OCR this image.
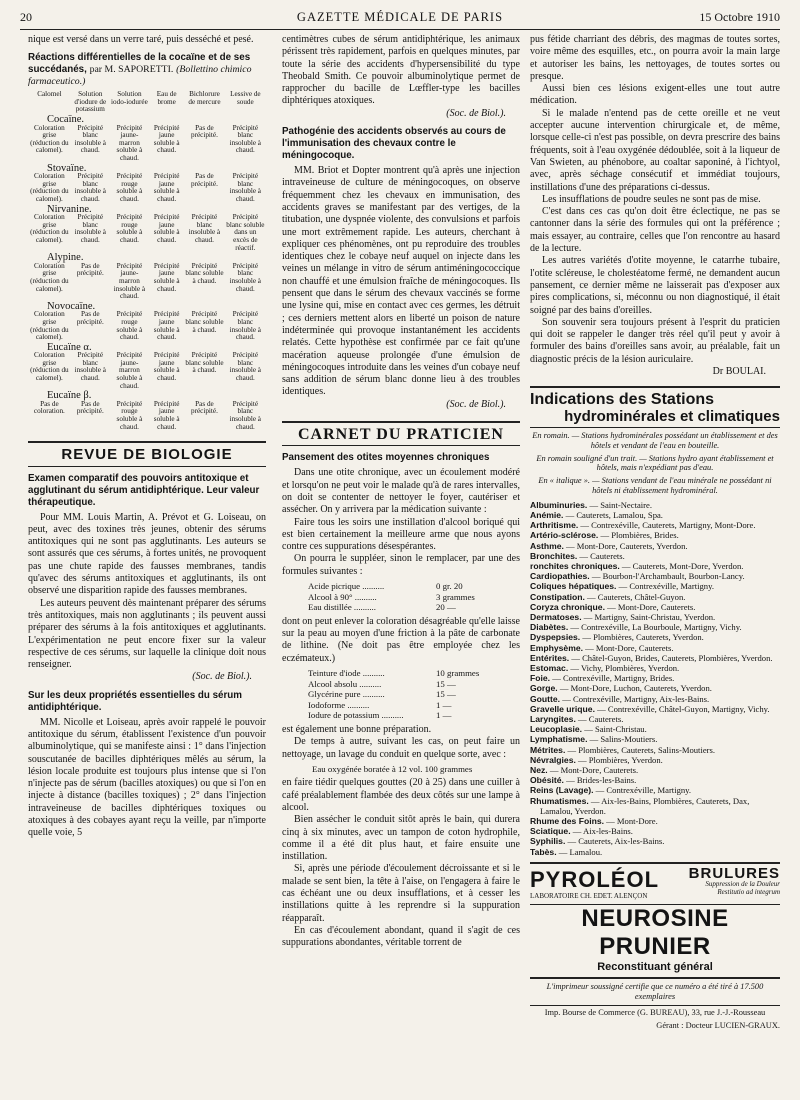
20	GAZETTE MÉDICALE DE PARIS	15 Octobre 1910

nique est versé dans un verre taré, puis desséché et pesé.

Réactions différentielles de la cocaïne et de ses succédanés, par M. SAPORETTI. (Bollettino chimico farmaceutico.)
Calomel	Solution d'iodure de potassium	Solution iodo-iodurée	Eau de brome	Bichlorure de mercure	Lessive de soude

Cocaïne.					

Coloration grise (réduction du calomel).	Précipité blanc insoluble à chaud.	Précipité jaune-marron soluble à chaud.	Précipité jaune soluble à chaud.	Pas de précipité.	Précipité blanc insoluble à chaud.

Stovaïne.					

Coloration grise (réduction du calomel).	Précipité blanc insoluble à chaud.	Précipité rouge soluble à chaud.	Précipité jaune soluble à chaud.	Pas de précipité.	Précipité blanc insoluble à chaud.

Nirvanine.					

Coloration grise (réduction du calomel).	Précipité blanc insoluble à chaud.	Précipité rouge soluble à chaud.	Précipité jaune soluble à chaud.	Précipité blanc insoluble à chaud.	Précipité blanc soluble dans un excès de réactif.

Alypine.					

Coloration grise (réduction du calomel).	Pas de précipité.	Précipité jaune-marron insoluble à chaud.	Précipité jaune soluble à chaud.	Précipité blanc soluble à chaud.	Précipité blanc insoluble à chaud.

Novocaïne.					

Coloration grise (réduction du calomel).	Pas de précipité.	Précipité rouge soluble à chaud.	Précipité jaune soluble à chaud.	Précipité blanc soluble à chaud.	Précipité blanc insoluble à chaud.

Eucaïne α.					

Coloration grise (réduction du calomel).	Précipité blanc insoluble à chaud.	Précipité jaune-marron soluble à chaud.	Précipité jaune soluble à chaud.	Précipité blanc soluble à chaud.	Précipité blanc insoluble à chaud.

Eucaïne β.					

Pas de coloration.	Pas de précipité.	Précipité rouge soluble à chaud.	Précipité jaune soluble à chaud.	Pas de précipité.	Précipité blanc insoluble à chaud.
REVUE DE BIOLOGIE
Examen comparatif des pouvoirs antitoxique et agglutinant du sérum antidiphtérique. Leur valeur thérapeutique.

Pour MM. Louis Martin, A. Prévot et G. Loiseau, on peut, avec des toxines très jeunes, obtenir des sérums antitoxiques qui ne sont pas agglutinants. Les auteurs se sont assurés que ces sérums, à fortes unités, ne provoquent pas une chute rapide des fausses membranes, tandis qu'avec des sérums antitoxiques et agglutinants, ils ont observé une disparition rapide des fausses membranes.

Les auteurs peuvent dès maintenant préparer des sérums très antitoxiques, mais non agglutinants ; ils peuvent aussi préparer des sérums à la fois antitoxiques et agglutinants. L'expérimentation ne peut encore fixer sur la valeur respective de ces sérums, sur laquelle la clinique doit nous renseigner.

(Soc. de Biol.).
Sur les deux propriétés essentielles du sérum antidiphtérique.

MM. Nicolle et Loiseau, après avoir rappelé le pouvoir antitoxique du sérum, établissent l'existence d'un pouvoir albuminolytique, qui se manifeste ainsi : 1° dans l'injection souscutanée de bacilles diphtériques mêlés au sérum, la lésion locale produite est toujours plus intense que si l'on n'injecte pas de sérum (bacilles atoxiques) ou que si l'on en injecte à distance (bacilles toxiques) ; 2° dans l'injection intraveineuse de bacilles diphtériques toxiques ou atoxiques à des cobayes ayant reçu la veille, par n'importe quelle voie, 5

centimètres cubes de sérum antidiphtérique, les animaux périssent très rapidement, parfois en quelques minutes, par toute la série des accidents d'hypersensibilité du type Theobald Smith. Ce pouvoir albuminolytique permet de rapprocher du bacille de Lœffler-type les bacilles diphtériques atoxiques.

(Soc. de Biol.).
Pathogénie des accidents observés au cours de l'immunisation des chevaux contre le méningocoque.

MM. Briot et Dopter montrent qu'à après une injection intraveineuse de culture de méningocoques, on observe fréquemment chez les chevaux en immunisation, des accidents graves se manifestant par des vertiges, de la titubation, une dyspnée violente, des convulsions et parfois une mort extrêmement rapide. Les auteurs, cherchant à expliquer ces phénomènes, ont pu reproduire des troubles identiques chez le cobaye neuf auquel on injecte dans les veines un mélange in vitro de sérum antiméningococcique non chauffé et une émulsion fraîche de méningocoques. Ils pensent que dans le sérum des chevaux vaccinés se forme une lysine qui, mise en contact avec ces germes, les détruit ; ces derniers mettent alors en liberté un poison de nature indéterminée qui provoque instantanément les accidents relatés. Cette hypothèse est confirmée par ce fait qu'une macération aqueuse prolongée d'une émulsion de méningocoques introduite dans les veines d'un cobaye neuf sans addition de sérum blanc donne lieu à des troubles identiques.

(Soc. de Biol.).
CARNET DU PRATICIEN
Pansement des otites moyennes chroniques

Dans une otite chronique, avec un écoulement modéré et lorsqu'on ne peut voir le malade qu'à de rares intervalles, on doit se contenter de nettoyer le foyer, cautériser et assécher. On y arrivera par la médication suivante :

Faire tous les soirs une instillation d'alcool boriqué qui est bien certainement la meilleure arme que nous ayons contre ces suppurations désespérantes.

On pourra le suppléer, sinon le remplacer, par une des formules suivantes :

Acide picrique ..........	0 gr. 20
Alcool à 90° ..........	3 grammes
Eau distillée ..........	20 —

dont on peut enlever la coloration désagréable qu'elle laisse sur la peau au moyen d'une friction à la pâte de carbonate de lithine. (Ne doit pas être employée chez les eczémateux.)

Teinture d'iode ..........	10 grammes
Alcool absolu ..........	15 —
Glycérine pure ..........	15 —
Iodoforme ..........	1 —
Iodure de potassium ..........	1 —

est également une bonne préparation.

De temps à autre, suivant les cas, on peut faire un nettoyage, un lavage du conduit en quelque sorte, avec :

Eau oxygénée boratée à 12 vol. 100 grammes

en faire tiédir quelques gouttes (20 à 25) dans une cuiller à café préalablement flambée des deux côtés sur une lampe à alcool.

Bien assécher le conduit sitôt après le bain, qui durera cinq à six minutes, avec un tampon de coton hydrophile, comme il a été dit plus haut, et faire ensuite une instillation.

Si, après une période d'écoulement décroissante et si le malade se sent bien, la tête à l'aise, on l'engagera à faire le cas échéant une ou deux insufflations, et à cesser les instillations quitte à les reprendre si la suppuration réapparaît.

En cas d'écoulement abondant, quand il s'agit de ces suppurations abondantes, véritable torrent de

pus fétide charriant des débris, des magmas de toutes sortes, voire même des esquilles, etc., on pourra avoir la main large et autoriser les bains, les nettoyages, de toutes sortes ou presque.

Aussi bien ces lésions exigent-elles une tout autre médication.

Si le malade n'entend pas de cette oreille et ne veut accepter aucune intervention chirurgicale et, de même, lorsque celle-ci n'est pas possible, on devra prescrire des bains fréquents, soit à l'eau oxygénée dédoublée, soit à la liqueur de Van Swieten, au phénobore, au coaltar saponiné, à l'ichtyol, avec, après séchage consécutif et immédiat toujours, instillations d'une des préparations ci-dessus.

Les insufflations de poudre seules ne sont pas de mise.

C'est dans ces cas qu'on doit être éclectique, ne pas se cantonner dans la série des formules qui ont la préférence ; mais essayer, au contraire, celles que l'on rencontre au hasard de la lecture.

Les autres variétés d'otite moyenne, le catarrhe tubaire, l'otite scléreuse, le cholestéatome fermé, ne demandent aucun pansement, ce dernier même ne laisserait pas d'exposer aux pires complications, si, méconnu ou non diagnostiqué, il était soigné par des bains d'oreilles.

Son souvenir sera toujours présent à l'esprit du praticien qui doit se rappeler le danger très réel qu'il peut y avoir à formuler des bains d'oreilles sans avoir, au préalable, fait un diagnostic précis de la lésion auriculaire.

Dr BOULAI.
Indications des Stations
hydrominérales et climatiques
En romain. — Stations hydrominérales possédant un établissement et des hôtels et vendant de l'eau en bouteille.
En romain souligné d'un trait. — Stations hydro ayant établissement et hôtels, mais n'expédiant pas d'eau.
En « italique ». — Stations vendant de l'eau minérale ne possédant ni hôtels ni établissement hydrominéral.
Albuminuries. — Saint-Nectaire.
Anémie. — Cauterets, Lamalou, Spa.
Arthritisme. — Contrexéville, Cauterets, Martigny, Mont-Dore.
Artério-sclérose. — Plombières, Brides.
Asthme. — Mont-Dore, Cauterets, Yverdon.
Bronchites. — Cauterets.
ronchites chroniques. — Cauterets, Mont-Dore, Yverdon.
Cardiopathies. — Bourbon-l'Archambault, Bourbon-Lancy.
Coliques hépatiques. — Contrexéville, Martigny.
Constipation. — Cauterets, Châtel-Guyon.
Coryza chronique. — Mont-Dore, Cauterets.
Dermatoses. — Martigny, Saint-Christau, Yverdon.
Diabètes. — Contrexéville, La Bourboule, Martigny, Vichy.
Dyspepsies. — Plombières, Cauterets, Yverdon.
Emphysème. — Mont-Dore, Cauterets.
Entérites. — Châtel-Guyon, Brides, Cauterets, Plombières, Yverdon.
Estomac. — Vichy, Plombières, Yverdon.
Foie. — Contrexéville, Martigny, Brides.
Gorge. — Mont-Dore, Luchon, Cauterets, Yverdon.
Goutte. — Contrexéville, Martigny, Aix-les-Bains.
Gravelle urique. — Contrexéville, Châtel-Guyon, Martigny, Vichy.
Laryngites. — Cauterets.
Leucoplasie. — Saint-Christau.
Lymphatisme. — Salins-Moutiers.
Métrites. — Plombières, Cauterets, Salins-Moutiers.
Névralgies. — Plombières, Yverdon.
Nez. — Mont-Dore, Cauterets.
Obésité. — Brides-les-Bains.
Reins (Lavage). — Contrexéville, Martigny.
Rhumatismes. — Aix-les-Bains, Plombières, Cauterets, Dax, Lamalou, Yverdon.
Rhume des Foins. — Mont-Dore.
Sciatique. — Aix-les-Bains.
Syphilis. — Cauterets, Aix-les-Bains.
Tabès. — Lamalou.
PYROLÉOL
LABORATOIRE CH. EDET. ALENÇON
BRULURES
Suppression de la Douleur
Restitutio ad integrum
NEUROSINE PRUNIER
Reconstituant général
L'imprimeur soussigné certifie que ce numéro a été tiré à 17.500 exemplaires
Imp. Bourse de Commerce (G. BUREAU), 33, rue J.-J.-Rousseau
Gérant : Docteur LUCIEN-GRAUX.
